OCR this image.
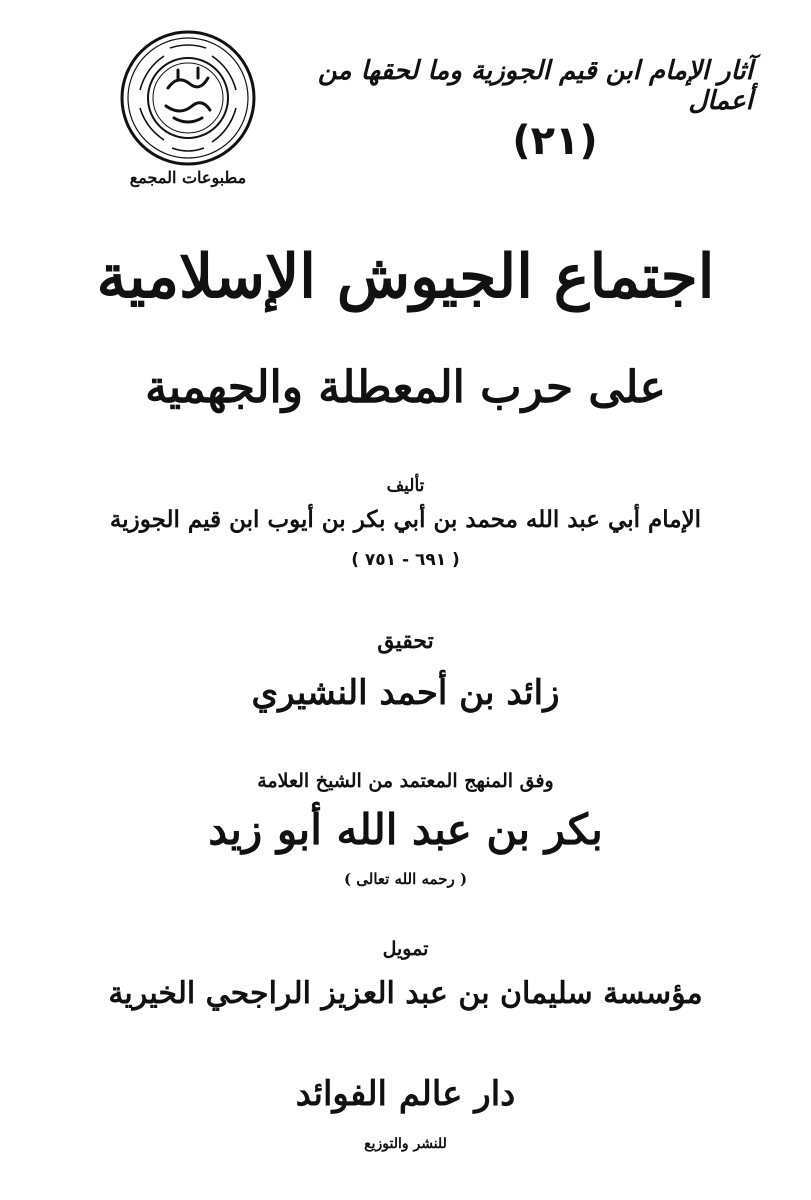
آثار الإمام ابن قيم الجوزية وما لحقها من أعمال
(٢١)
مطبوعات المجمع
اجتماع الجيوش الإسلامية
على حرب المعطلة والجهمية
تأليف
الإمام أبي عبد الله محمد بن أبي بكر بن أيوب ابن قيم الجوزية
( ٦٩١ - ٧٥١ )
تحقيق
زائد بن أحمد النشيري
وفق المنهج المعتمد من الشيخ العلامة
بكر بن عبد الله أبو زيد
( رحمه الله تعالى )
تمويل
مؤسسة سليمان بن عبد العزيز الراجحي الخيرية
دار عالم الفوائد
للنشر والتوزيع
